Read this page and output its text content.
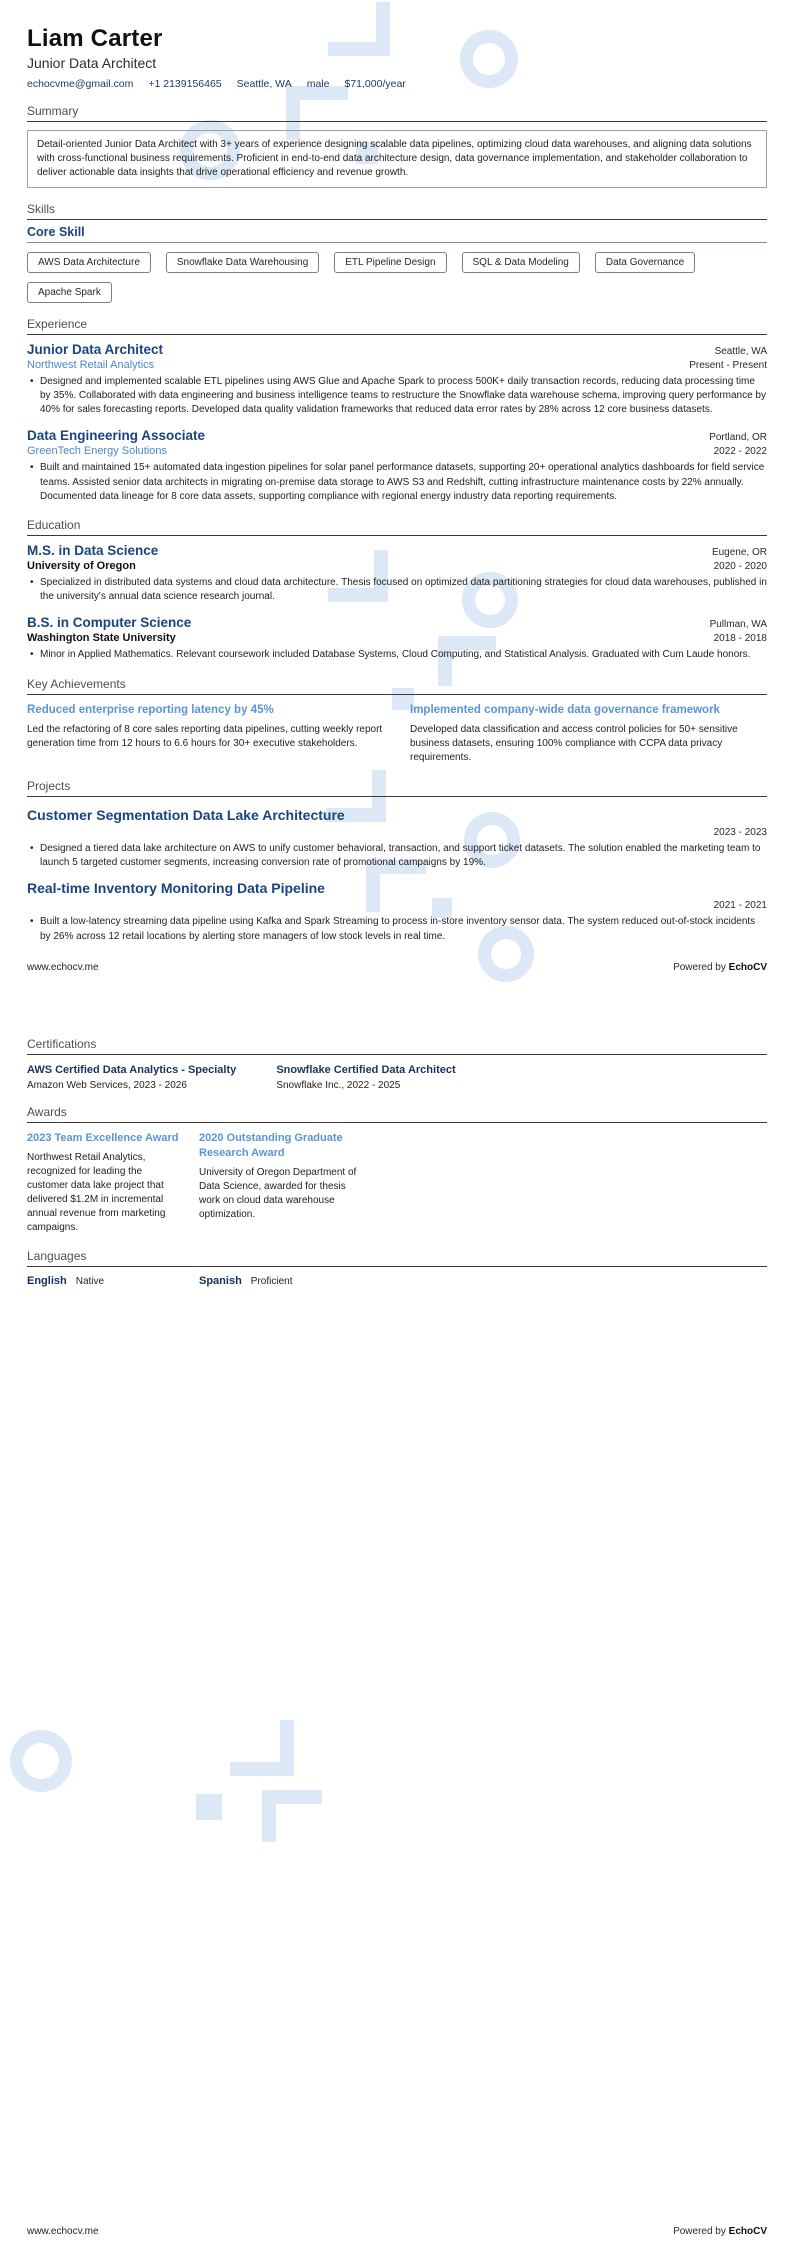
Liam Carter
Junior Data Architect
echocvme@gmail.com +1 2139156465 Seattle, WA male $71,000/year
Summary
Detail-oriented Junior Data Architect with 3+ years of experience designing scalable data pipelines, optimizing cloud data warehouses, and aligning data solutions with cross-functional business requirements. Proficient in end-to-end data architecture design, data governance implementation, and stakeholder collaboration to deliver actionable data insights that drive operational efficiency and revenue growth.
Skills
Core Skill
AWS Data Architecture	Snowflake Data Warehousing	ETL Pipeline Design	SQL & Data Modeling	Data Governance
Apache Spark
Experience
Junior Data Architect	Seattle, WA
Northwest Retail Analytics	Present - Present
• Designed and implemented scalable ETL pipelines using AWS Glue and Apache Spark to process 500K+ daily transaction records, reducing data processing time by 35%. Collaborated with data engineering and business intelligence teams to restructure the Snowflake data warehouse schema, improving query performance by 40% for sales forecasting reports. Developed data quality validation frameworks that reduced data error rates by 28% across 12 core business datasets.
Data Engineering Associate	Portland, OR
GreenTech Energy Solutions	2022 - 2022
• Built and maintained 15+ automated data ingestion pipelines for solar panel performance datasets, supporting 20+ operational analytics dashboards for field service teams. Assisted senior data architects in migrating on-premise data storage to AWS S3 and Redshift, cutting infrastructure maintenance costs by 22% annually. Documented data lineage for 8 core data assets, supporting compliance with regional energy industry data reporting requirements.
Education
M.S. in Data Science	Eugene, OR
University of Oregon	2020 - 2020
• Specialized in distributed data systems and cloud data architecture. Thesis focused on optimized data partitioning strategies for cloud data warehouses, published in the university's annual data science research journal.
B.S. in Computer Science	Pullman, WA
Washington State University	2018 - 2018
• Minor in Applied Mathematics. Relevant coursework included Database Systems, Cloud Computing, and Statistical Analysis. Graduated with Cum Laude honors.
Key Achievements
Reduced enterprise reporting latency by 45%
Led the refactoring of 8 core sales reporting data pipelines, cutting weekly report generation time from 12 hours to 6.6 hours for 30+ executive stakeholders.
Implemented company-wide data governance framework
Developed data classification and access control policies for 50+ sensitive business datasets, ensuring 100% compliance with CCPA data privacy requirements.
Projects
Customer Segmentation Data Lake Architecture
2023 - 2023
• Designed a tiered data lake architecture on AWS to unify customer behavioral, transaction, and support ticket datasets. The solution enabled the marketing team to launch 5 targeted customer segments, increasing conversion rate of promotional campaigns by 19%.
Real-time Inventory Monitoring Data Pipeline
2021 - 2021
• Built a low-latency streaming data pipeline using Kafka and Spark Streaming to process in-store inventory sensor data. The system reduced out-of-stock incidents by 26% across 12 retail locations by alerting store managers of low stock levels in real time.
www.echocv.me	Powered by EchoCV
Certifications
AWS Certified Data Analytics - Specialty
Amazon Web Services, 2023 - 2026
Snowflake Certified Data Architect
Snowflake Inc., 2022 - 2025
Awards
2023 Team Excellence Award
Northwest Retail Analytics, recognized for leading the customer data lake project that delivered $1.2M in incremental annual revenue from marketing campaigns.
2020 Outstanding Graduate Research Award
University of Oregon Department of Data Science, awarded for thesis work on cloud data warehouse optimization.
Languages
English Native	Spanish Proficient
www.echocv.me	Powered by EchoCV
